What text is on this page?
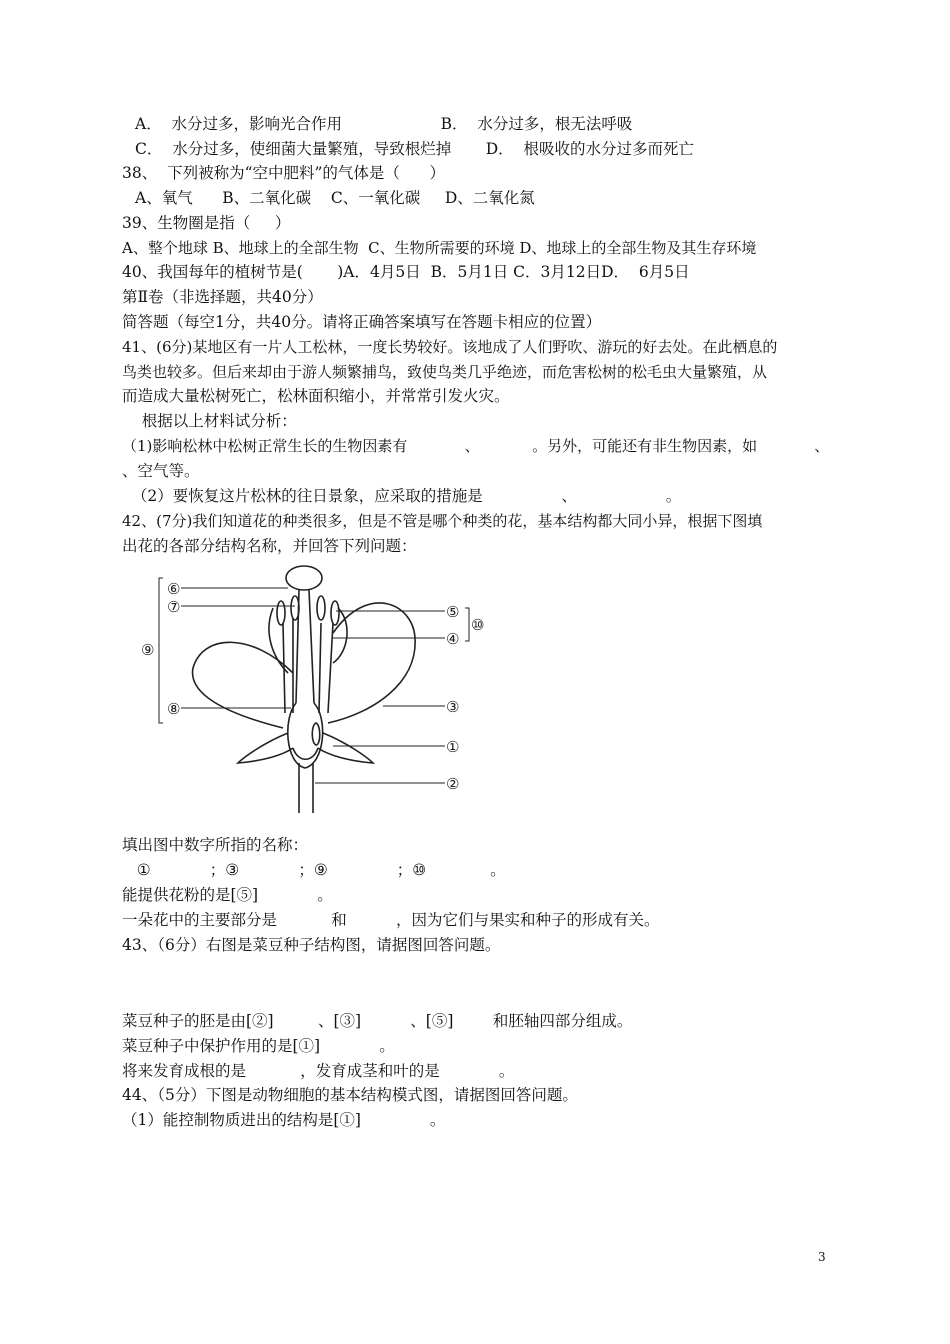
A．  水分过多，影响光合作用                    B．  水分过多，根无法呼吸
C．  水分过多，使细菌大量繁殖，导致根烂掉       D．  根吸收的水分过多而死亡
38、  下列被称为“空中肥料”的气体是（      ）
A、氧气      B、二氧化碳    C、一氧化碳     D、二氧化氮
39、生物圈是指（     ）
A、整个地球 B、地球上的全部生物  C、生物所需要的环境 D、地球上的全部生物及其生存环境
40、我国每年的植树节是(       )A．4月5日  B．5月1日 C．3月12日D．  6月5日
第Ⅱ卷（非选择题，共40分）
简答题（每空1分，共40分。请将正确答案填写在答题卡相应的位置）
41、(6分)某地区有一片人工松林，一度长势较好。该地成了人们野吹、游玩的好去处。在此栖息的
鸟类也较多。但后来却由于游人频繁捕鸟，致使鸟类几乎绝迹，而危害松树的松毛虫大量繁殖，从
而造成大量松树死亡，松林面积缩小，并常常引发火灾。
根据以上材料试分析：
（1)影响松林中松树正常生长的生物因素有            、           。另外，可能还有非生物因素，如            、
、空气等。
（2）要恢复这片松林的往日景象，应采取的措施是                、                  。
42、(7分)我们知道花的种类很多，但是不管是哪个种类的花，基本结构都大同小异，根据下图填
出花的各部分结构名称，并回答下列问题：
⑥
⑦
⑨
⑧
⑤
④
⑩
③
①
②
填出图中数字所指的名称：
①            ；③            ；⑨              ；⑩             。
能提供花粉的是[⑤]            。
一朵花中的主要部分是           和          ，因为它们与果实和种子的形成有关。
43、（6分）右图是菜豆种子结构图，请据图回答问题。
菜豆种子的胚是由[②]         、[③]          、[⑤]        和胚轴四部分组成。
菜豆种子中保护作用的是[①]            。
将来发育成根的是           ，发育成茎和叶的是            。
44、（5分）下图是动物细胞的基本结构模式图，请据图回答问题。
（1）能控制物质进出的结构是[①]              。
3
